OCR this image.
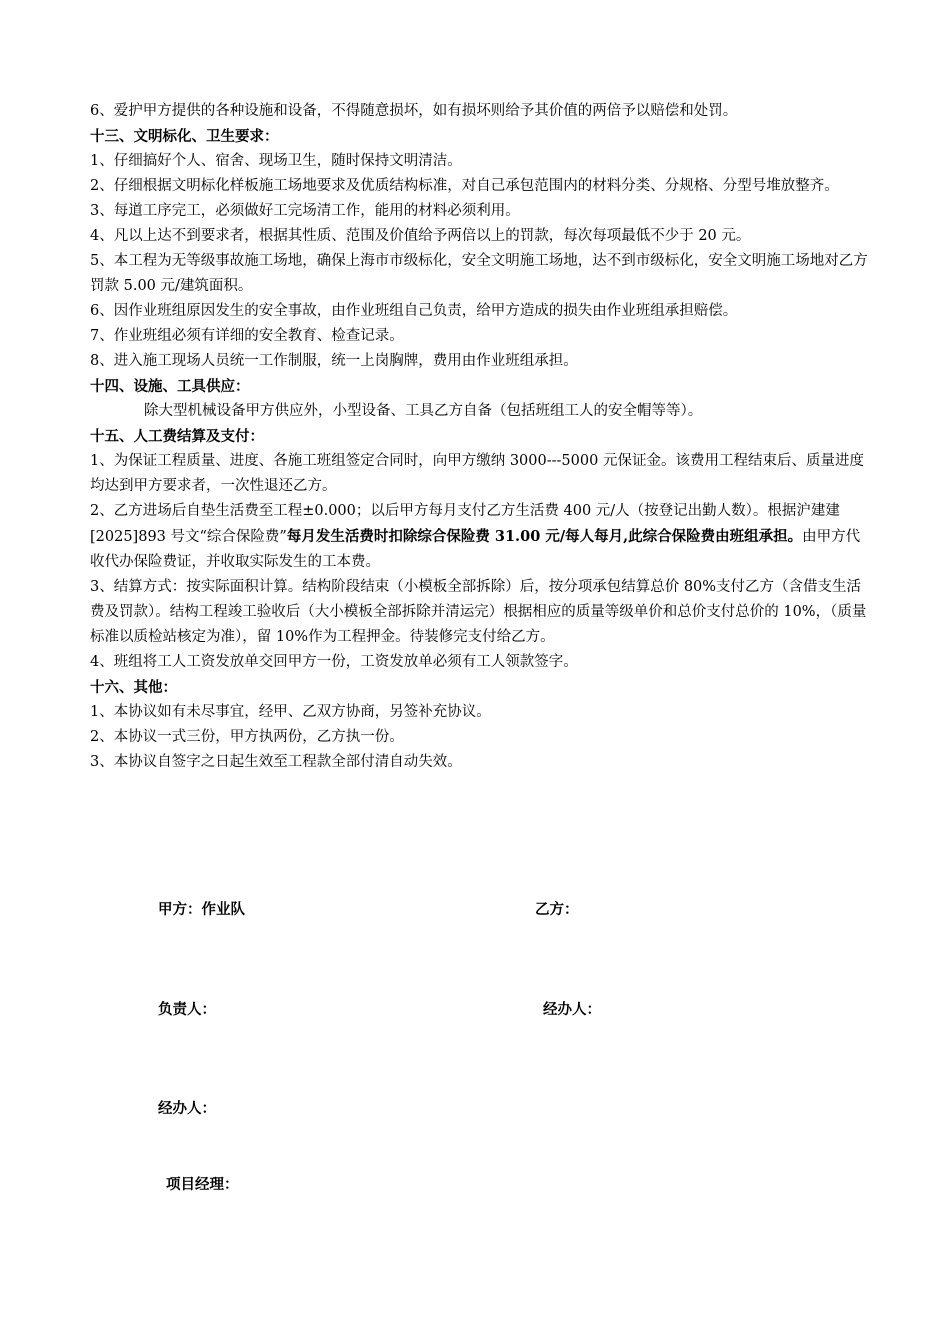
6、爱护甲方提供的各种设施和设备，不得随意损坏，如有损坏则给予其价值的两倍予以赔偿和处罚。
十三、文明标化、卫生要求：
1、仔细搞好个人、宿舍、现场卫生，随时保持文明清洁。
2、仔细根据文明标化样板施工场地要求及优质结构标准，对自己承包范围内的材料分类、分规格、分型号堆放整齐。
3、每道工序完工，必须做好工完场清工作，能用的材料必须利用。
4、凡以上达不到要求者，根据其性质、范围及价值给予两倍以上的罚款，每次每项最低不少于 20 元。
5、本工程为无等级事故施工场地，确保上海市市级标化，安全文明施工场地，达不到市级标化，安全文明施工场地对乙方罚款 5.00 元/建筑面积。
6、因作业班组原因发生的安全事故，由作业班组自己负责，给甲方造成的损失由作业班组承担赔偿。
7、作业班组必须有详细的安全教育、检查记录。
8、进入施工现场人员统一工作制服，统一上岗胸牌，费用由作业班组承担。
十四、设施、工具供应：
除大型机械设备甲方供应外，小型设备、工具乙方自备（包括班组工人的安全帽等等）。
十五、人工费结算及支付：
1、为保证工程质量、进度、各施工班组签定合同时，向甲方缴纳 3000---5000 元保证金。该费用工程结束后、质量进度均达到甲方要求者，一次性退还乙方。
2、乙方进场后自垫生活费至工程±0.000；以后甲方每月支付乙方生活费 400 元/人（按登记出勤人数）。根据沪建建[2025]893 号文“综合保险费”每月发生活费时扣除综合保险费 31.00 元/每人每月,此综合保险费由班组承担。由甲方代收代办保险费证，并收取实际发生的工本费。
3、结算方式：按实际面积计算。结构阶段结束（小模板全部拆除）后，按分项承包结算总价 80%支付乙方（含借支生活费及罚款）。结构工程竣工验收后（大小模板全部拆除并清运完）根据相应的质量等级单价和总价支付总价的 10%，（质量标准以质检站核定为准），留 10%作为工程押金。待装修完支付给乙方。
4、班组将工人工资发放单交回甲方一份，工资发放单必须有工人领款签字。
十六、其他：
1、本协议如有未尽事宜，经甲、乙双方协商，另签补充协议。
2、本协议一式三份，甲方执两份，乙方执一份。
3、本协议自签字之日起生效至工程款全部付清自动失效。
甲方：作业队	乙方：
负责人：	经办人：
经办人：
项目经理：
